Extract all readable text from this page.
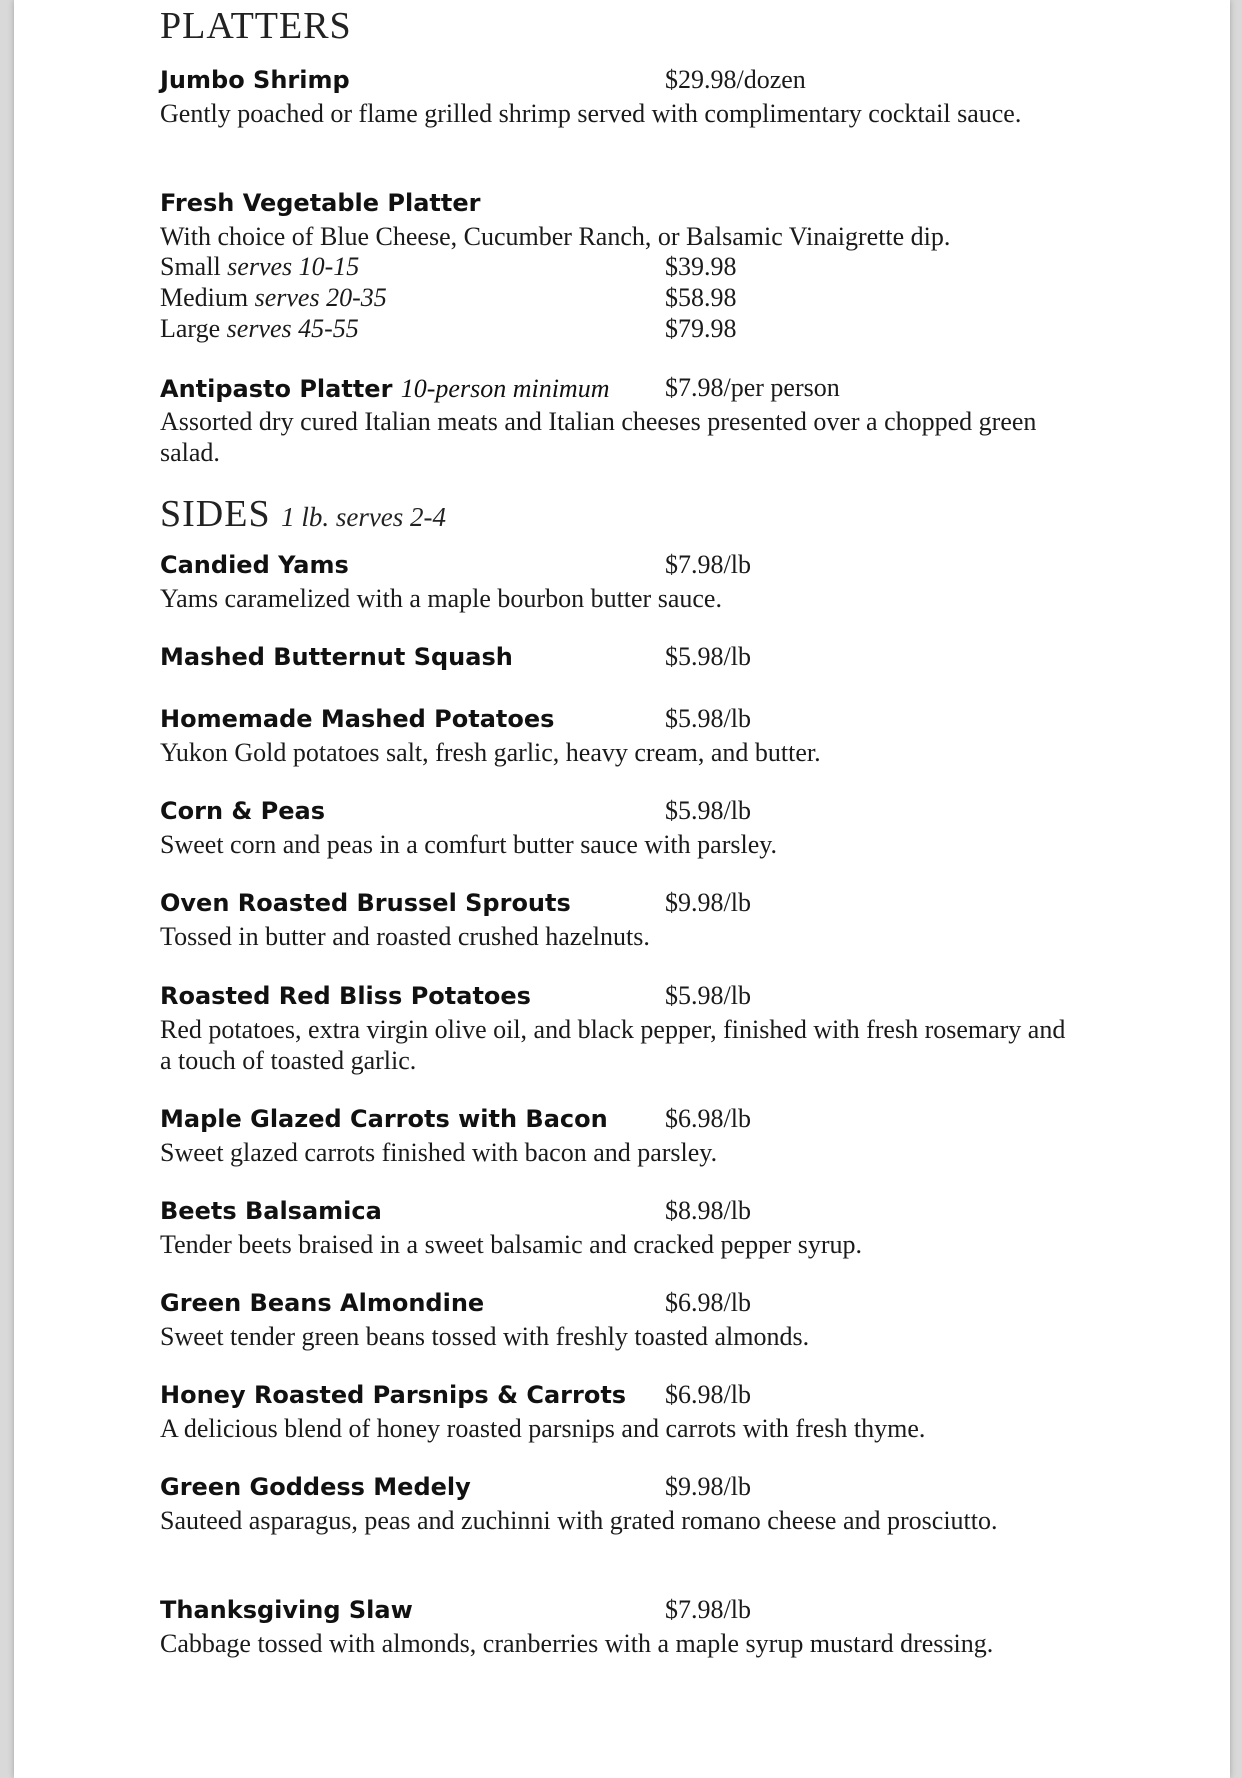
PLATTERS
Jumbo Shrimp	$29.98/dozen
Gently poached or flame grilled shrimp served with complimentary cocktail sauce.
Fresh Vegetable Platter
With choice of Blue Cheese, Cucumber Ranch, or Balsamic Vinaigrette dip.
Small serves 10-15	$39.98
Medium serves 20-35	$58.98
Large serves 45-55	$79.98
Antipasto Platter 10-person minimum $7.98/per person
Assorted dry cured Italian meats and Italian cheeses presented over a chopped green salad.
SIDES 1 lb. serves 2-4
Candied Yams	$7.98/lb
Yams caramelized with a maple bourbon butter sauce.
Mashed Butternut Squash	$5.98/lb
Homemade Mashed Potatoes	$5.98/lb
Yukon Gold potatoes salt, fresh garlic, heavy cream, and butter.
Corn & Peas	$5.98/lb
Sweet corn and peas in a comfurt butter sauce with parsley.
Oven Roasted Brussel Sprouts	$9.98/lb
Tossed in butter and roasted crushed hazelnuts.
Roasted Red Bliss Potatoes	$5.98/lb
Red potatoes, extra virgin olive oil, and black pepper, finished with fresh rosemary and a touch of toasted garlic.
Maple Glazed Carrots with Bacon $6.98/lb
Sweet glazed carrots finished with bacon and parsley.
Beets Balsamica	$8.98/lb
Tender beets braised in a sweet balsamic and cracked pepper syrup.
Green Beans Almondine	$6.98/lb
Sweet tender green beans tossed with freshly toasted almonds.
Honey Roasted Parsnips & Carrots $6.98/lb
A delicious blend of honey roasted parsnips and carrots with fresh thyme.
Green Goddess Medely	$9.98/lb
Sauteed asparagus, peas and zuchinni with grated romano cheese and prosciutto.
Thanksgiving Slaw	$7.98/lb
Cabbage tossed with almonds, cranberries with a maple syrup mustard dressing.
